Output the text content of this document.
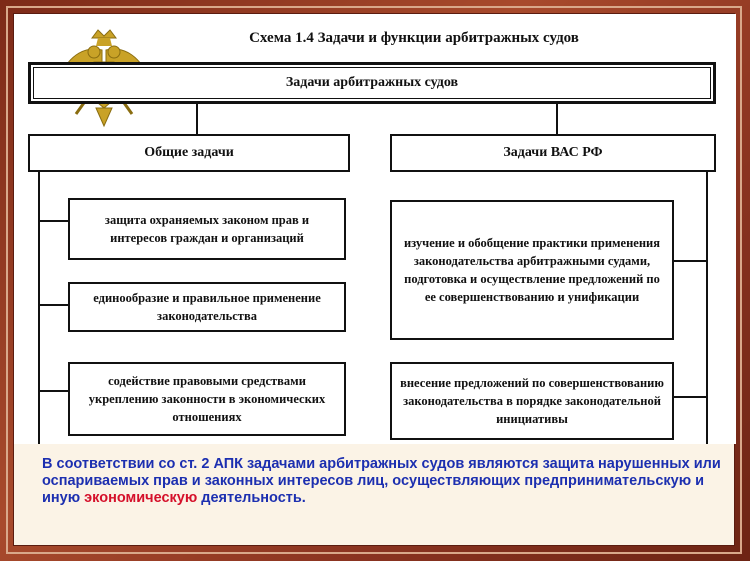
Схема 1.4 Задачи и функции арбитражных судов
Задачи арбитражных судов
Общие задачи	Задачи ВАС РФ
защита охраняемых законом прав и интересов граждан и организаций
единообразие и правильное применение законодательства
содействие правовыми средствами укреплению законности в экономических отношениях
изучение и обобщение практики применения законодательства арбитражными судами, подготовка и осуществление предложений по ее совершенствованию и унификации
внесение предложений по совершенствованию законодательства в порядке законодательной инициативы
В соответствии со ст. 2 АПК задачами арбитражных судов являются защита нарушенных или оспариваемых прав и законных интересов лиц, осуществляющих предпринимательскую и иную экономическую деятельность.
